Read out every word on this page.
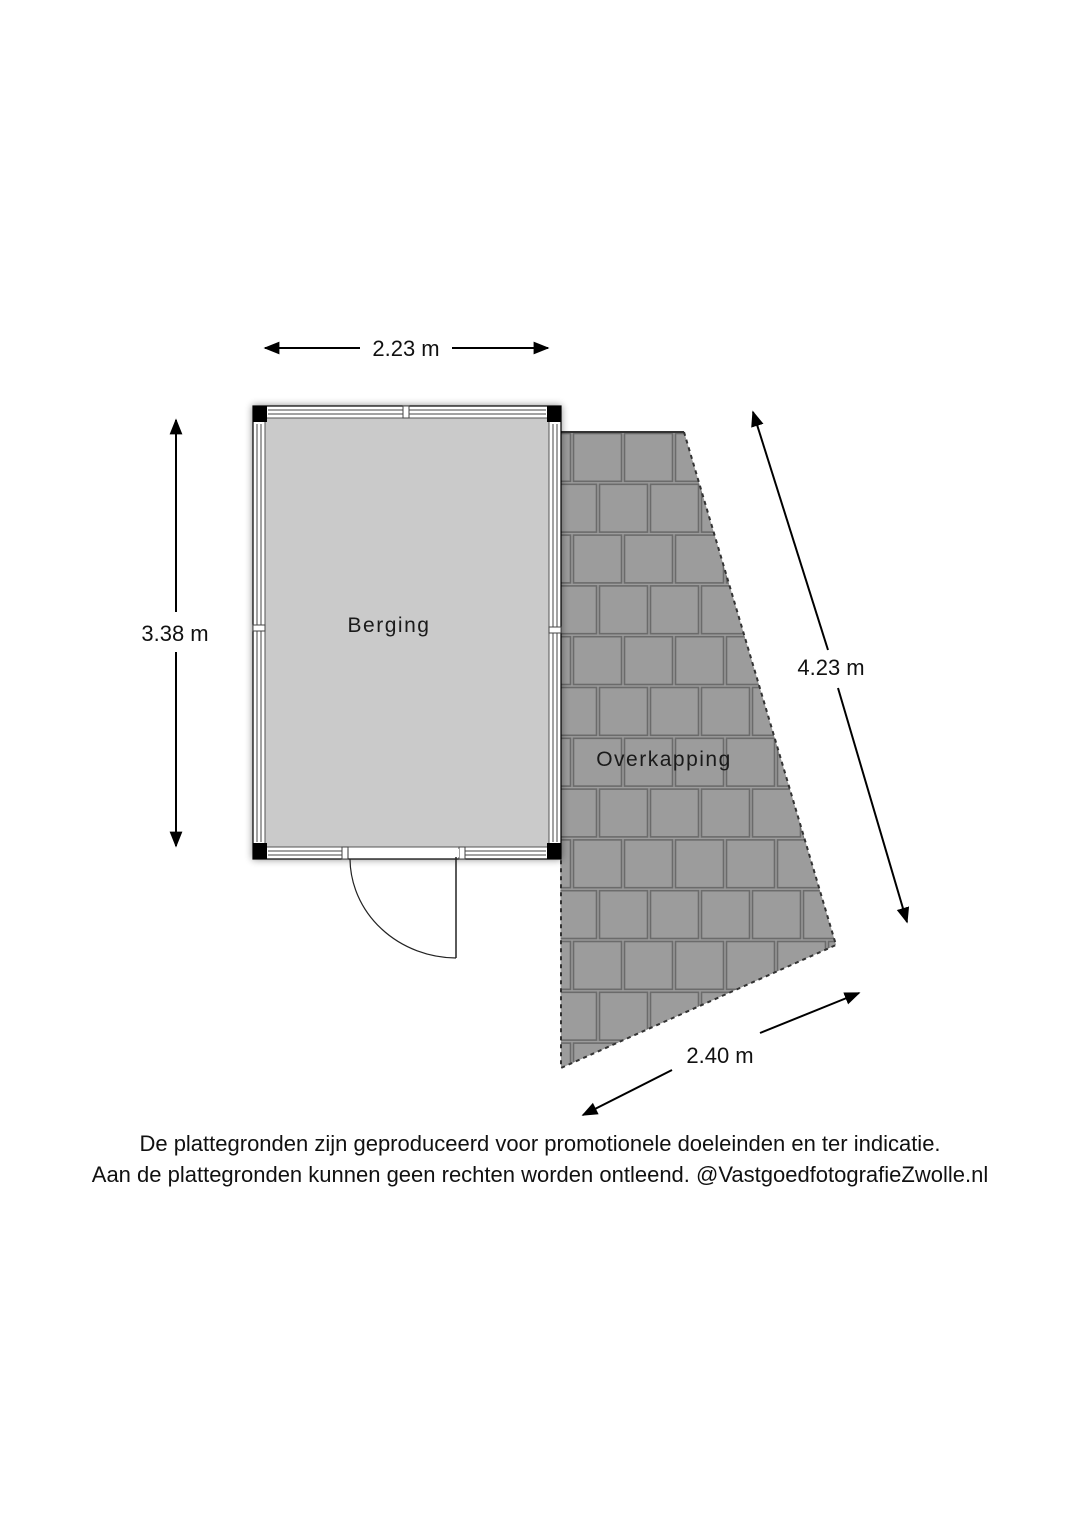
2.23 m
3.38 m
4.23 m
2.40 m
Berging
Overkapping
De plattegronden zijn geproduceerd voor promotionele doeleinden en ter indicatie.
Aan de plattegronden kunnen geen rechten worden ontleend. @VastgoedfotografieZwolle.nl
